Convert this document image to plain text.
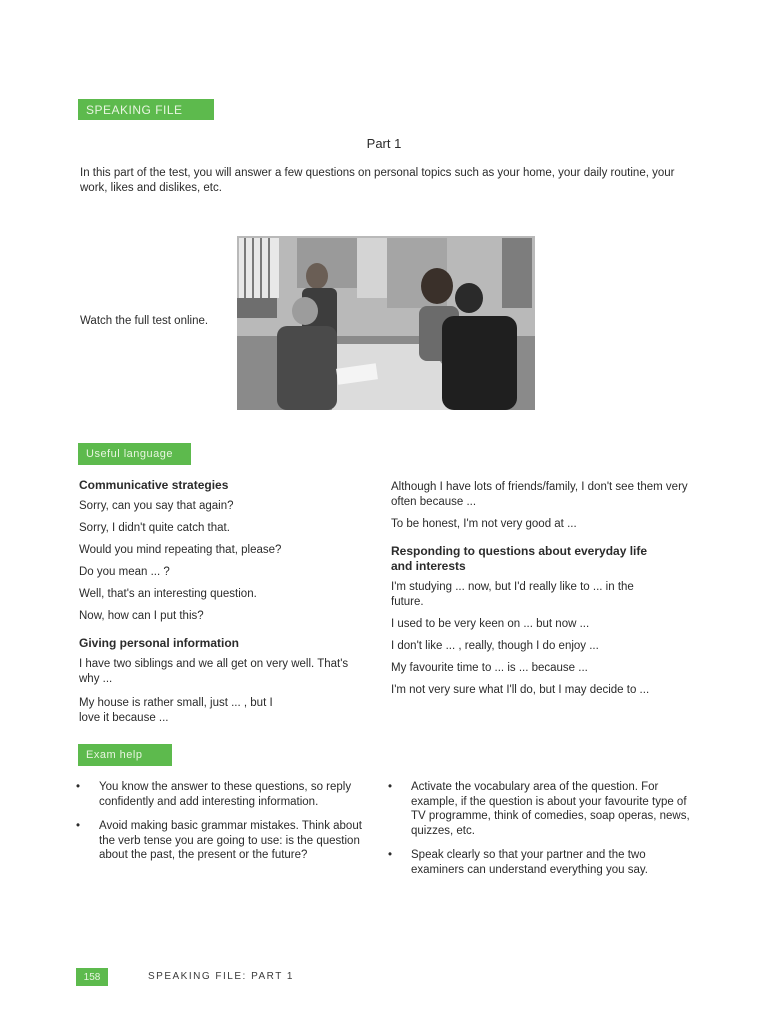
SPEAKING FILE
Part 1
In this part of the test, you will answer a few questions on personal topics such as your home, your daily routine, your work, likes and dislikes, etc.
Watch the full test online.
Useful language
Communicative strategies
Sorry, can you say that again?
Sorry, I didn't quite catch that.
Would you mind repeating that, please?
Do you mean ... ?
Well, that's an interesting question.
Now, how can I put this?
Giving personal information
I have two siblings and we all get on very well. That's why ...
My house is rather small, just ... , but I love it because ...
Although I have lots of friends/family, I don't see them very often because ...
To be honest, I'm not very good at ...
Responding to questions about everyday life and interests
I'm studying ... now, but I'd really like to ... in the future.
I used to be very keen on ... but now ...
I don't like ... , really, though I do enjoy ...
My favourite time to ... is ... because ...
I'm not very sure what I'll do, but I may decide to ...
Exam help
• You know the answer to these questions, so reply confidently and add interesting information.
• Avoid making basic grammar mistakes. Think about the verb tense you are going to use: is the question about the past, the present or the future?
• Activate the vocabulary area of the question. For example, if the question is about your favourite type of TV programme, think of comedies, soap operas, news, quizzes, etc.
• Speak clearly so that your partner and the two examiners can understand everything you say.
158	SPEAKING FILE: PART 1
